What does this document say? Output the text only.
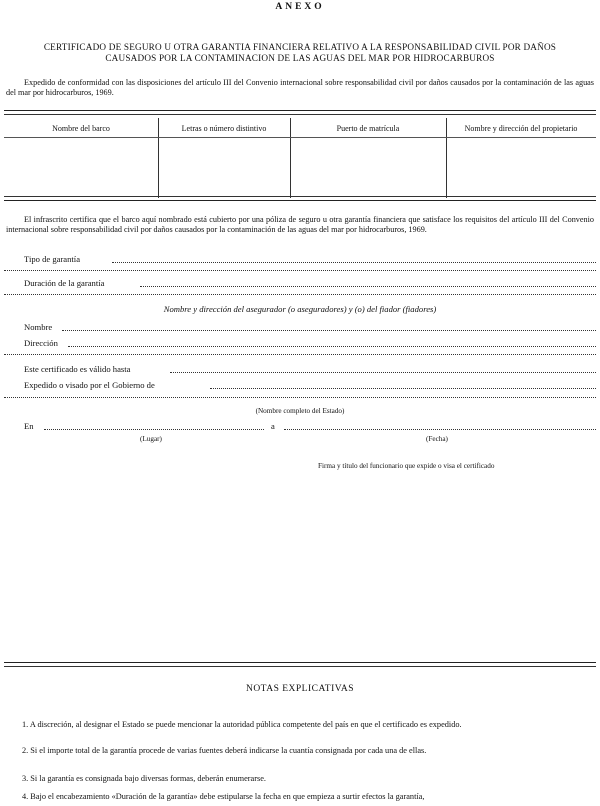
ANEXO
CERTIFICADO DE SEGURO U OTRA GARANTIA FINANCIERA RELATIVO A LA RESPONSABILIDAD CIVIL POR DAÑOS
CAUSADOS POR LA CONTAMINACION DE LAS AGUAS DEL MAR POR HIDROCARBUROS
Expedido de conformidad con las disposiciones del artículo III del Convenio internacional sobre responsabilidad civil por daños causados por la contaminación de las aguas del mar por hidrocarburos, 1969.
Nombre del barco	Letras o número distintivo	Puerto de matrícula	Nombre y dirección del propietario
El infrascrito certifica que el barco aquí nombrado está cubierto por una póliza de seguro u otra garantía financiera que satisface los requisitos del artículo III del Convenio internacional sobre responsabilidad civil por daños causados por la contaminación de las aguas del mar por hidrocarburos, 1969.
Tipo de garantía
Duración de la garantía
Nombre y dirección del asegurador (o aseguradores) y (o) del fiador (fiadores)
Nombre
Dirección
Este certificado es válido hasta
Expedido o visado por el Gobierno de
(Nombre completo del Estado)
En	a
(Lugar)	(Fecha)
Firma y título del funcionario que expide o visa el certificado
NOTAS EXPLICATIVAS
1. A discreción, al designar el Estado se puede mencionar la autoridad pública competente del país en que el certificado es expedido.
2. Si el importe total de la garantía procede de varias fuentes deberá indicarse la cuantía consignada por cada una de ellas.
3. Si la garantía es consignada bajo diversas formas, deberán enumerarse.
4. Bajo el encabezamiento «Duración de la garantía» debe estipularse la fecha en que empieza a surtir efectos la garantía,
